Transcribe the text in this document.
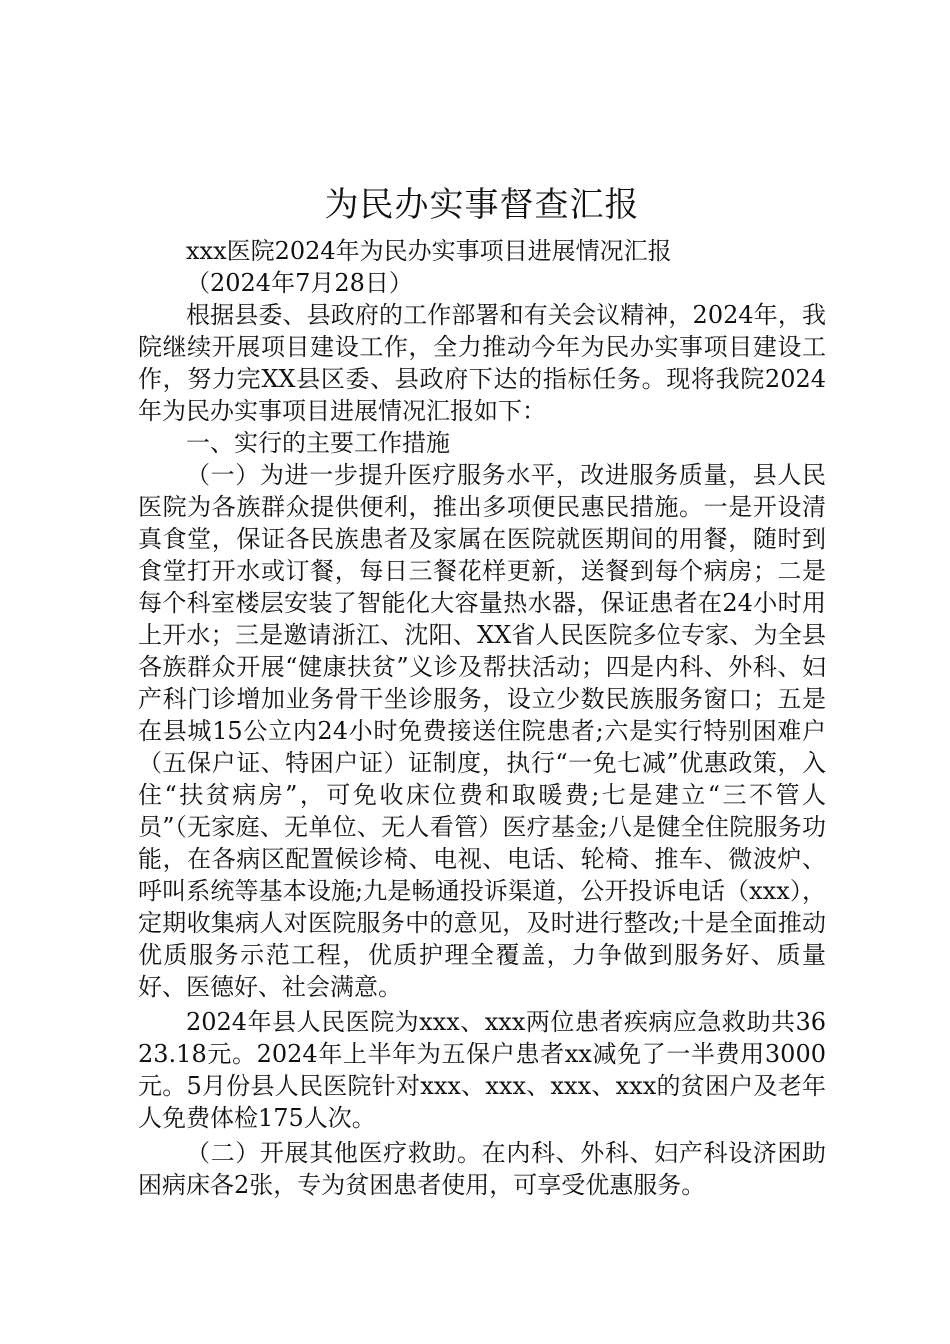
为民办实事督查汇报

xxx医院2024年为民办实事项目进展情况汇报

（2024年7月28日）

根据县委、县政府的工作部署和有关会议精神，2024年，我院继续开展项目建设工作，全力推动今年为民办实事项目建设工作，努力完XX县区委、县政府下达的指标任务。现将我院2024年为民办实事项目进展情况汇报如下：

一、实行的主要工作措施

（一）为进一步提升医疗服务水平，改进服务质量，县人民医院为各族群众提供便利，推出多项便民惠民措施。一是开设清真食堂，保证各民族患者及家属在医院就医期间的用餐，随时到食堂打开水或订餐，每日三餐花样更新，送餐到每个病房；二是每个科室楼层安装了智能化大容量热水器，保证患者在24小时用上开水；三是邀请浙江、沈阳、XX省人民医院多位专家、为全县各族群众开展“健康扶贫”义诊及帮扶活动；四是内科、外科、妇产科门诊增加业务骨干坐诊服务，设立少数民族服务窗口；五是在县城15公立内24小时免费接送住院患者;六是实行特别困难户（五保户证、特困户证）证制度，执行“一免七减”优惠政策，入住“扶贫病房”，可免收床位费和取暖费;七是建立“三不管人员”（无家庭、无单位、无人看管）医疗基金;八是健全住院服务功能，在各病区配置候诊椅、电视、电话、轮椅、推车、微波炉、呼叫系统等基本设施;九是畅通投诉渠道，公开投诉电话（xxx），定期收集病人对医院服务中的意见，及时进行整改;十是全面推动优质服务示范工程，优质护理全覆盖，力争做到服务好、质量好、医德好、社会满意。

2024年县人民医院为xxx、xxx两位患者疾病应急救助共3623.18元。2024年上半年为五保户患者xx减免了一半费用3000元。5月份县人民医院针对xxx、xxx、xxx、xxx的贫困户及老年人免费体检175人次。

（二）开展其他医疗救助。在内科、外科、妇产科设济困助困病床各2张，专为贫困患者使用，可享受优惠服务。
